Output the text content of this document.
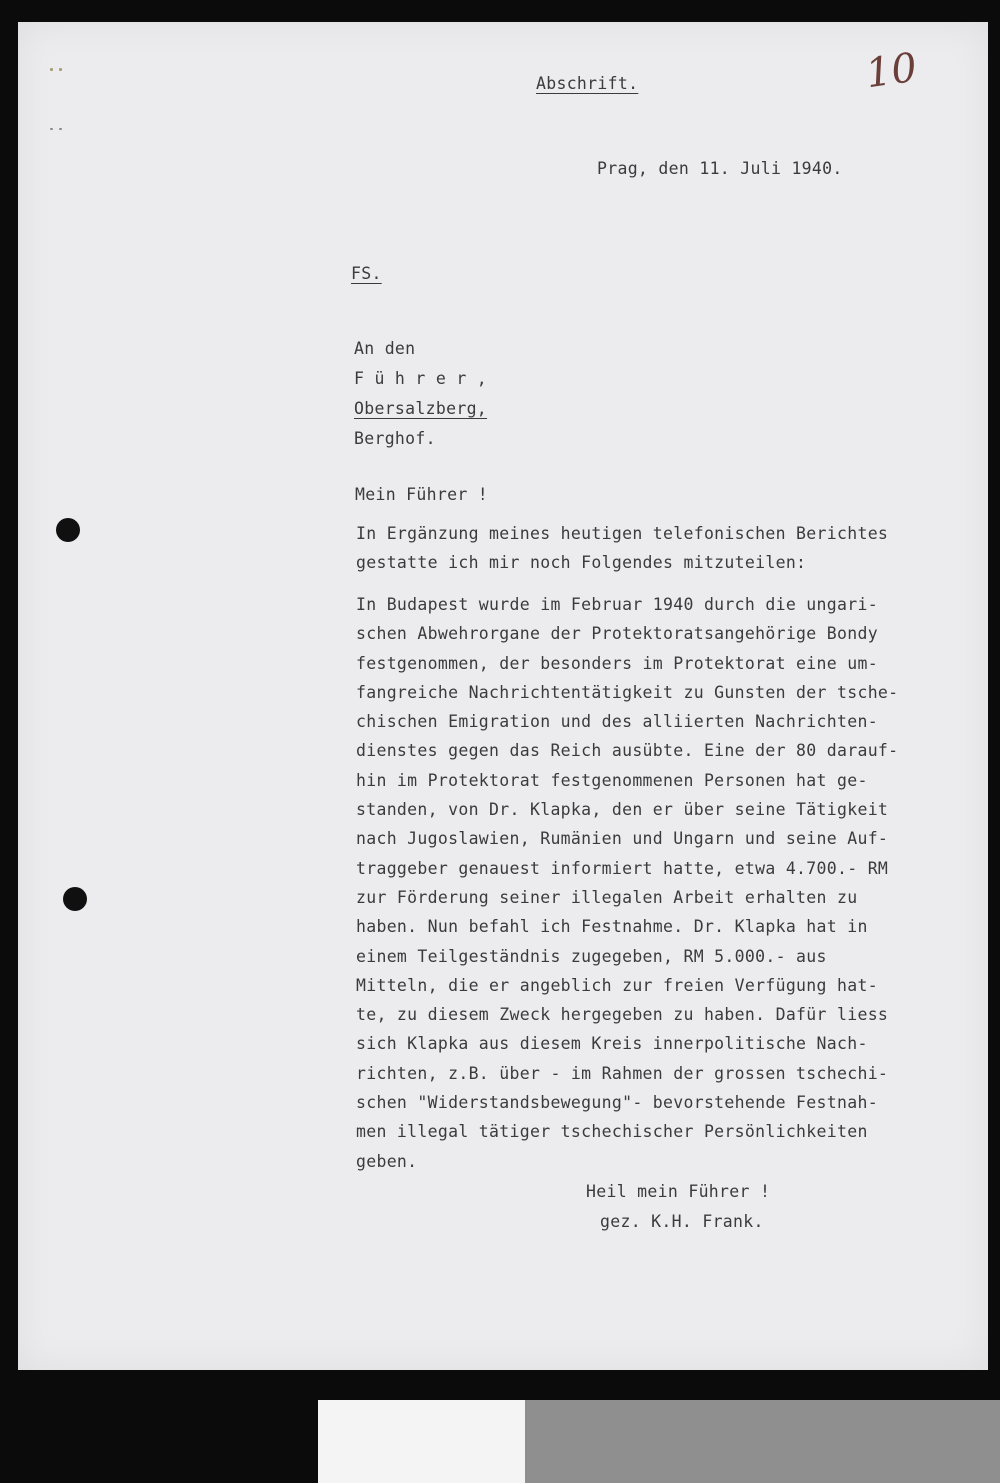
10
Abschrift.
Prag, den 11. Juli 1940.
FS.
An den
F ü h r e r ,
Obersalzberg,
Berghof.
Mein Führer !
In Ergänzung meines heutigen telefonischen Berichtes
gestatte ich mir noch Folgendes mitzuteilen:
In Budapest wurde im Februar 1940 durch die ungari-
schen Abwehrorgane der Protektoratsangehörige Bondy
festgenommen, der besonders im Protektorat eine um-
fangreiche Nachrichtentätigkeit zu Gunsten der tsche-
chischen Emigration und des alliierten Nachrichten-
dienstes gegen das Reich ausübte. Eine der 80 darauf-
hin im Protektorat festgenommenen Personen hat ge-
standen, von Dr. Klapka, den er über seine Tätigkeit
nach Jugoslawien, Rumänien und Ungarn und seine Auf-
traggeber genauest informiert hatte, etwa 4.700.- RM
zur Förderung seiner illegalen Arbeit erhalten zu
haben. Nun befahl ich Festnahme. Dr. Klapka hat in
einem Teilgeständnis zugegeben, RM 5.000.- aus
Mitteln, die er angeblich zur freien Verfügung hat-
te, zu diesem Zweck hergegeben zu haben. Dafür liess
sich Klapka aus diesem Kreis innerpolitische Nach-
richten, z.B. über - im Rahmen der grossen tschechi-
schen "Widerstandsbewegung"- bevorstehende Festnah-
men illegal tätiger tschechischer Persönlichkeiten
geben.
Heil mein Führer !
gez. K.H. Frank.
